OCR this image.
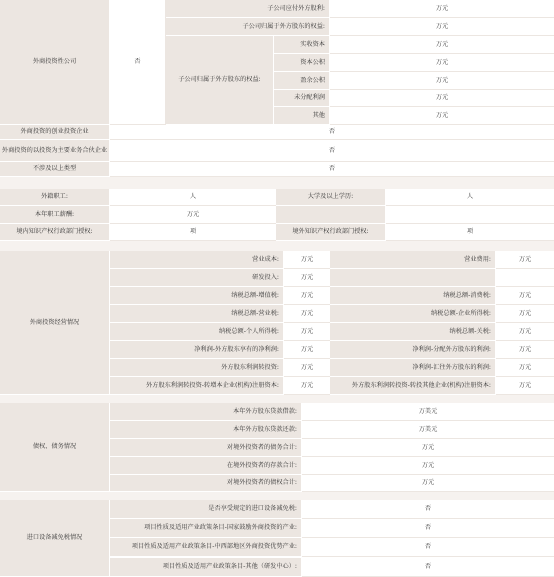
外商投资性公司	否
子公司应付外方股利:	万元
子公司归属于外方股东的权益:	万元
子公司归属于外方股东的权益:
实收资本	万元
资本公积	万元
盈余公积	万元
未分配利润	万元
其他	万元
外商投资的创业投资企业	否
外商投资的以投资为主要业务合伙企业	否
不涉及以上类型	否
外籍职工:	人	大学及以上学历:	人
本年职工薪酬:	万元
境内知识产权行政部门授权:	项	境外知识产权行政部门授权:	项
外商投资经营情况
营业成本:	万元	营业费用:	万元
研发投入:	万元
纳税总额-增值税:	万元	纳税总额-消费税:	万元
纳税总额-营业税:	万元	纳税总额-企业所得税:	万元
纳税总额-个人所得税:	万元	纳税总额-关税:	万元
净利润-外方股东享有的净利润:	万元	净利润-分配外方股东的利润:	万元
外方股东利润转投资:	万元	净利润-汇往外方股东的利润:	万元
外方股东利润转投资-转增本企业(机构)注册资本:	万元	外方股东利润转投资-转投其他企业(机构)注册资本:	万元
债权、债务情况
本年外方股东贷款借款:	万美元
本年外方股东贷款还款:	万美元
对境外投资者的债务合计:	万元
在境外投资者的存款合计:	万元
对境外投资者的债权合计:	万元
进口设备减免税情况
是否享受规定的进口设备减免税:	否
项目性质及适用产业政策条目-国家鼓励外商投资的产业:	否
项目性质及适用产业政策条目-中西部地区外商投资优势产业:	否
项目性质及适用产业政策条目-其他（研发中心）:	否
